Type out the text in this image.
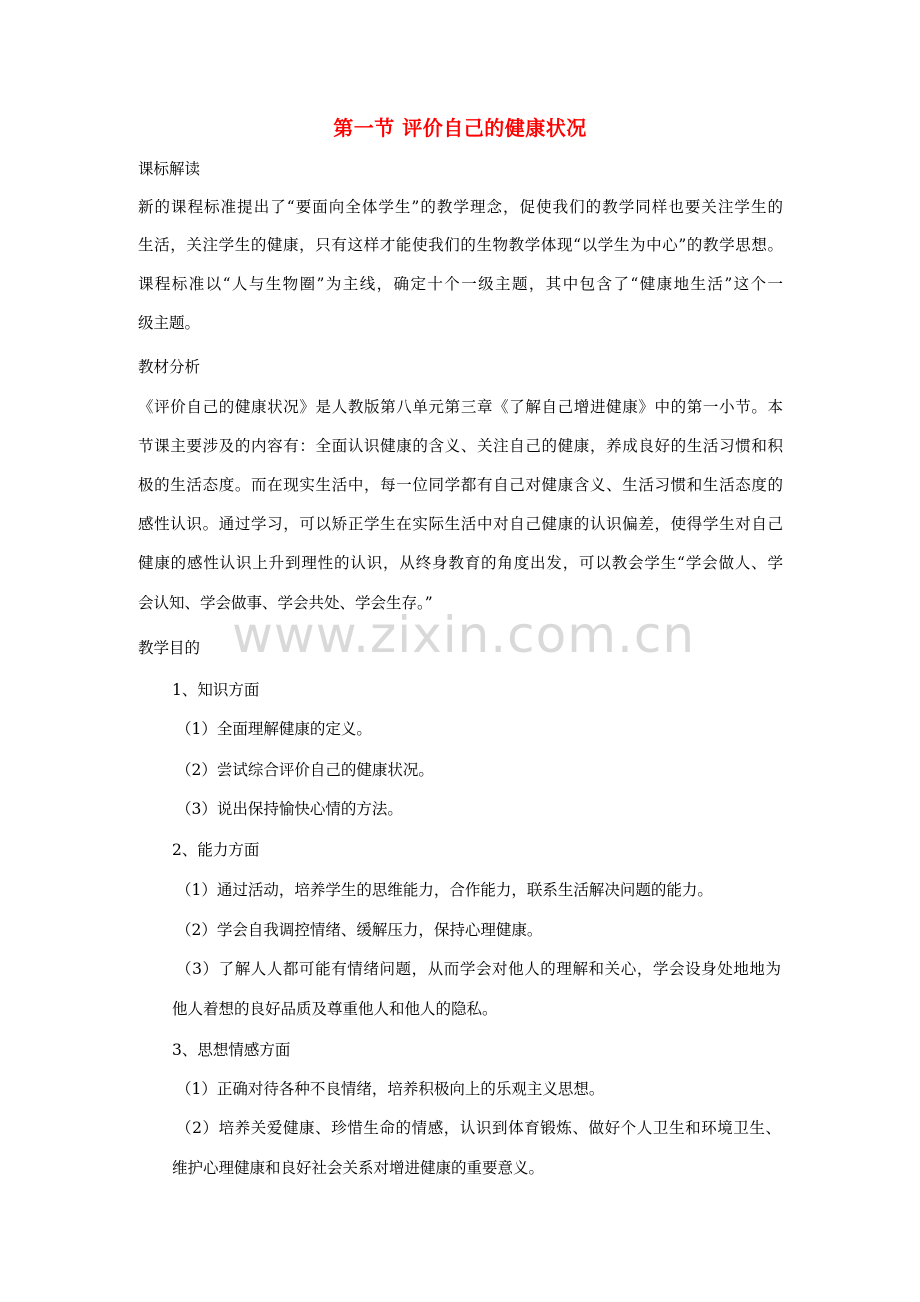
第一节 评价自己的健康状况
课标解读
新的课程标准提出了“要面向全体学生”的教学理念，促使我们的教学同样也要关注学生的
生活，关注学生的健康，只有这样才能使我们的生物教学体现“以学生为中心”的教学思想。
课程标准以“人与生物圈”为主线，确定十个一级主题，其中包含了“健康地生活”这个一
级主题。
教材分析
《评价自己的健康状况》是人教版第八单元第三章《了解自己增进健康》中的第一小节。本
节课主要涉及的内容有：全面认识健康的含义、关注自己的健康，养成良好的生活习惯和积
极的生活态度。而在现实生活中，每一位同学都有自己对健康含义、生活习惯和生活态度的
感性认识。通过学习，可以矫正学生在实际生活中对自己健康的认识偏差，使得学生对自己
健康的感性认识上升到理性的认识，从终身教育的角度出发，可以教会学生“学会做人、学
会认知、学会做事、学会共处、学会生存。”
www.zixin.com.cn
教学目的
1、知识方面
（1）全面理解健康的定义。
（2）尝试综合评价自己的健康状况。
（3）说出保持愉快心情的方法。
2、能力方面
（1）通过活动，培养学生的思维能力，合作能力，联系生活解决问题的能力。
（2）学会自我调控情绪、缓解压力，保持心理健康。
（3）了解人人都可能有情绪问题，从而学会对他人的理解和关心，学会设身处地地为
他人着想的良好品质及尊重他人和他人的隐私。
3、思想情感方面
（1）正确对待各种不良情绪，培养积极向上的乐观主义思想。
（2）培养关爱健康、珍惜生命的情感，认识到体育锻炼、做好个人卫生和环境卫生、
维护心理健康和良好社会关系对增进健康的重要意义。
